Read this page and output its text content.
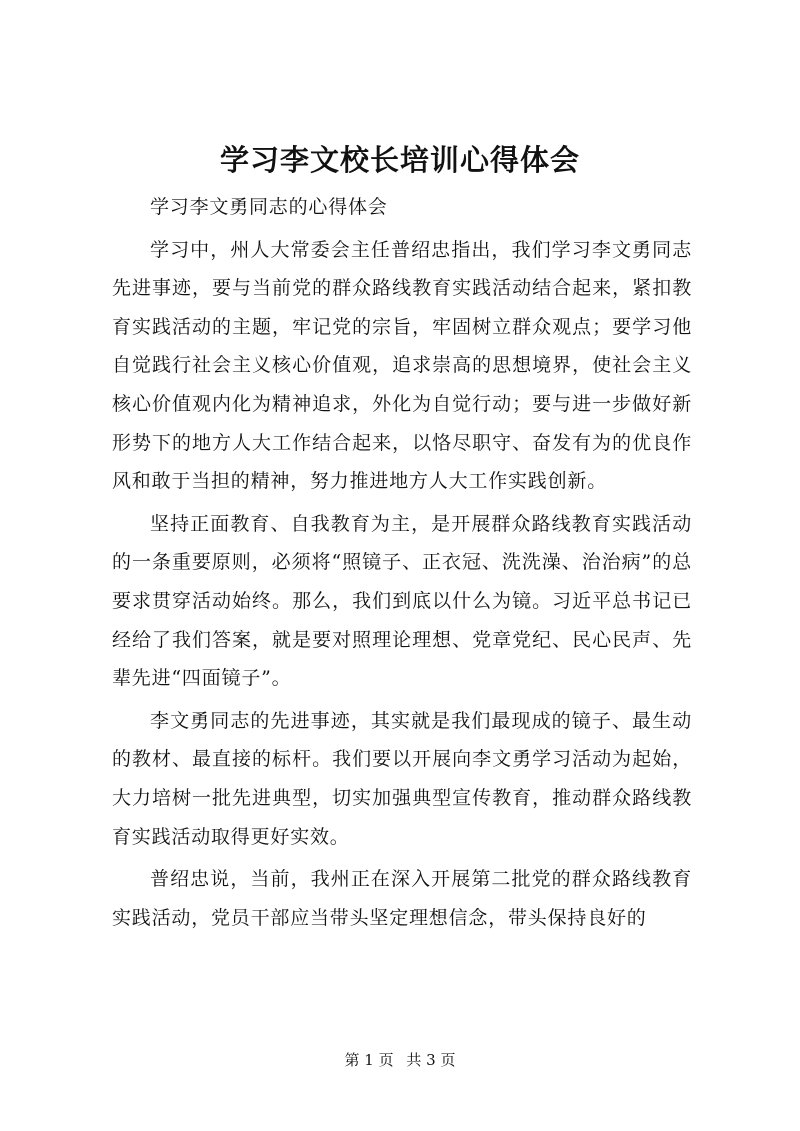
学习李文校长培训心得体会

学习李文勇同志的心得体会

学习中，州人大常委会主任普绍忠指出，我们学习李文勇同志先进事迹，要与当前党的群众路线教育实践活动结合起来，紧扣教育实践活动的主题，牢记党的宗旨，牢固树立群众观点；要学习他自觉践行社会主义核心价值观，追求崇高的思想境界，使社会主义核心价值观内化为精神追求，外化为自觉行动；要与进一步做好新形势下的地方人大工作结合起来，以恪尽职守、奋发有为的优良作风和敢于当担的精神，努力推进地方人大工作实践创新。

坚持正面教育、自我教育为主，是开展群众路线教育实践活动的一条重要原则，必须将“照镜子、正衣冠、洗洗澡、治治病”的总要求贯穿活动始终。那么，我们到底以什么为镜。习近平总书记已经给了我们答案，就是要对照理论理想、党章党纪、民心民声、先辈先进“四面镜子”。

李文勇同志的先进事迹，其实就是我们最现成的镜子、最生动的教材、最直接的标杆。我们要以开展向李文勇学习活动为起始，大力培树一批先进典型，切实加强典型宣传教育，推动群众路线教育实践活动取得更好实效。

普绍忠说，当前，我州正在深入开展第二批党的群众路线教育实践活动，党员干部应当带头坚定理想信念，带头保持良好的

第 1 页 共 3 页
